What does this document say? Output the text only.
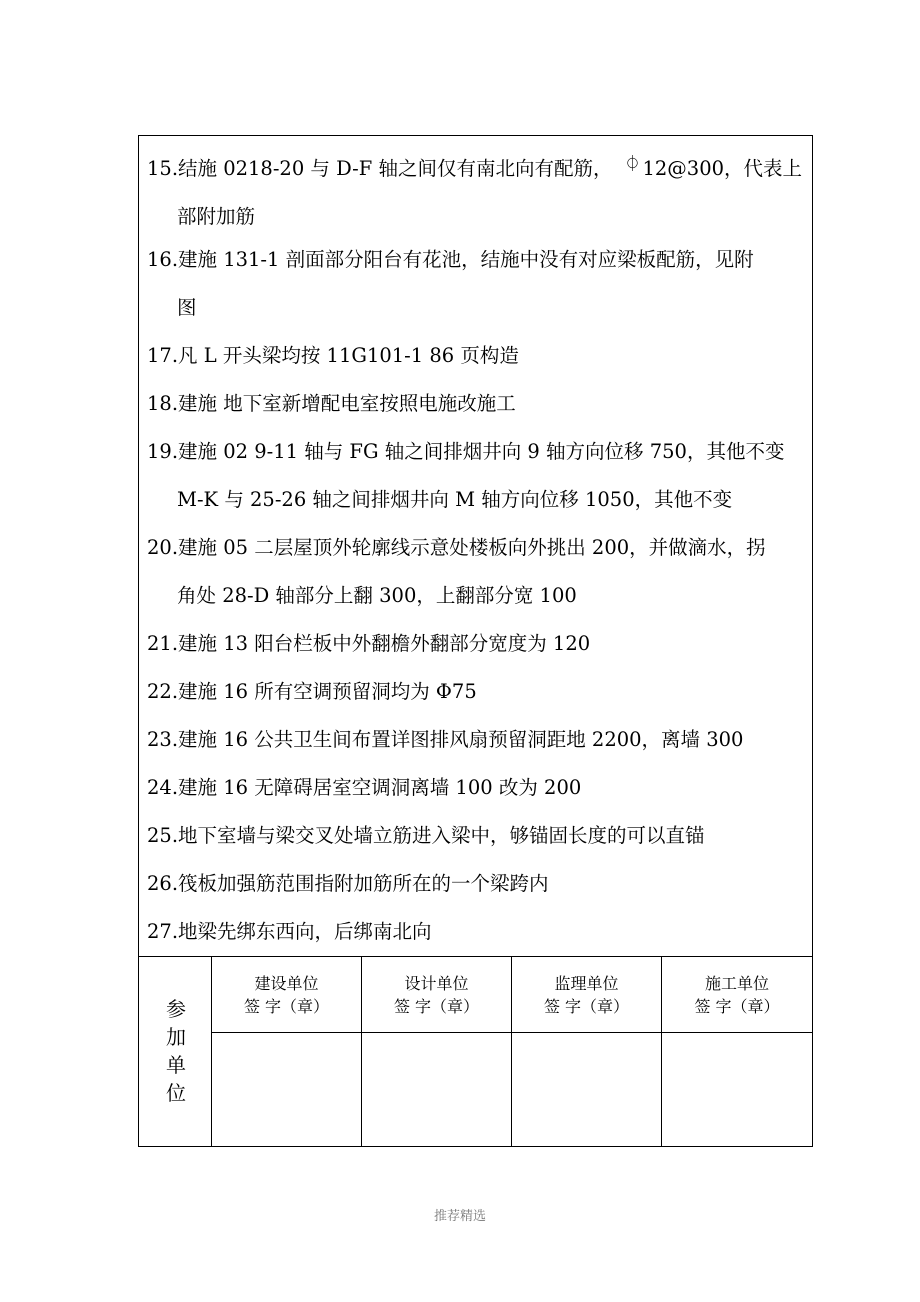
15.结施 0218-20 与 D-F 轴之间仅有南北向有配筋， ⏀ 12@300，代表上
部附加筋

16.建施 131-1 剖面部分阳台有花池，结施中没有对应梁板配筋，见附
图

17.凡 L 开头梁均按 11G101-1 86 页构造

18.建施 地下室新增配电室按照电施改施工

19.建施 02 9-11 轴与 FG 轴之间排烟井向 9 轴方向位移 750，其他不变
M-K 与 25-26 轴之间排烟井向 M 轴方向位移 1050，其他不变

20.建施 05 二层屋顶外轮廓线示意处楼板向外挑出 200，并做滴水，拐
角处 28-D 轴部分上翻 300，上翻部分宽 100

21.建施 13 阳台栏板中外翻檐外翻部分宽度为 120

22.建施 16 所有空调预留洞均为 Φ75

23.建施 16 公共卫生间布置详图排风扇预留洞距地 2200，离墙 300

24.建施 16 无障碍居室空调洞离墙 100 改为 200

25.地下室墙与梁交叉处墙立筋进入梁中，够锚固长度的可以直锚

26.筏板加强筋范围指附加筋所在的一个梁跨内

27.地梁先绑东西向，后绑南北向

参加单位
建设单位
签 字（章）
设计单位
签 字（章）
监理单位
签 字（章）
施工单位
签 字（章）
推荐精选
